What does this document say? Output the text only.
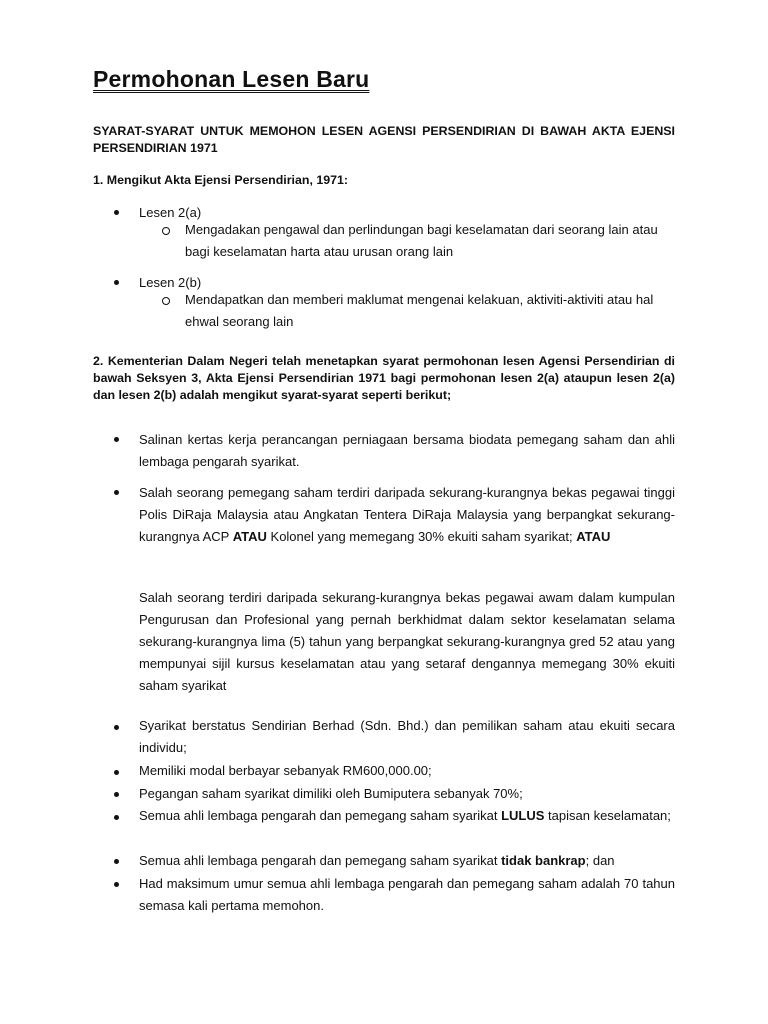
Permohonan Lesen Baru

SYARAT-SYARAT UNTUK MEMOHON LESEN AGENSI PERSENDIRIAN DI BAWAH AKTA EJENSI PERSENDIRIAN 1971

1. Mengikut Akta Ejensi Persendirian, 1971:

Lesen 2(a)

Mengadakan pengawal dan perlindungan bagi keselamatan dari seorang lain atau bagi keselamatan harta atau urusan orang lain

Lesen 2(b)

Mendapatkan dan memberi maklumat mengenai kelakuan, aktiviti-aktiviti atau hal ehwal seorang lain

2. Kementerian Dalam Negeri telah menetapkan syarat permohonan lesen Agensi Persendirian di bawah Seksyen 3, Akta Ejensi Persendirian 1971 bagi permohonan lesen 2(a) ataupun lesen 2(a) dan lesen 2(b) adalah mengikut syarat-syarat seperti berikut;

Salinan kertas kerja perancangan perniagaan bersama biodata pemegang saham dan ahli lembaga pengarah syarikat.

Salah seorang pemegang saham terdiri daripada sekurang-kurangnya bekas pegawai tinggi Polis DiRaja Malaysia atau Angkatan Tentera DiRaja Malaysia yang berpangkat sekurang-kurangnya ACP ATAU Kolonel yang memegang 30% ekuiti saham syarikat; ATAU

Salah seorang terdiri daripada sekurang-kurangnya bekas pegawai awam dalam kumpulan Pengurusan dan Profesional yang pernah berkhidmat dalam sektor keselamatan selama sekurang-kurangnya lima (5) tahun yang berpangkat sekurang-kurangnya gred 52 atau yang mempunyai sijil kursus keselamatan atau yang setaraf dengannya memegang 30% ekuiti saham syarikat

Syarikat berstatus Sendirian Berhad (Sdn. Bhd.) dan pemilikan saham atau ekuiti secara individu;

Memiliki modal berbayar sebanyak RM600,000.00;

Pegangan saham syarikat dimiliki oleh Bumiputera sebanyak 70%;

Semua ahli lembaga pengarah dan pemegang saham syarikat LULUS tapisan keselamatan;

Semua ahli lembaga pengarah dan pemegang saham syarikat tidak bankrap; dan

Had maksimum umur semua ahli lembaga pengarah dan pemegang saham adalah 70 tahun semasa kali pertama memohon.
